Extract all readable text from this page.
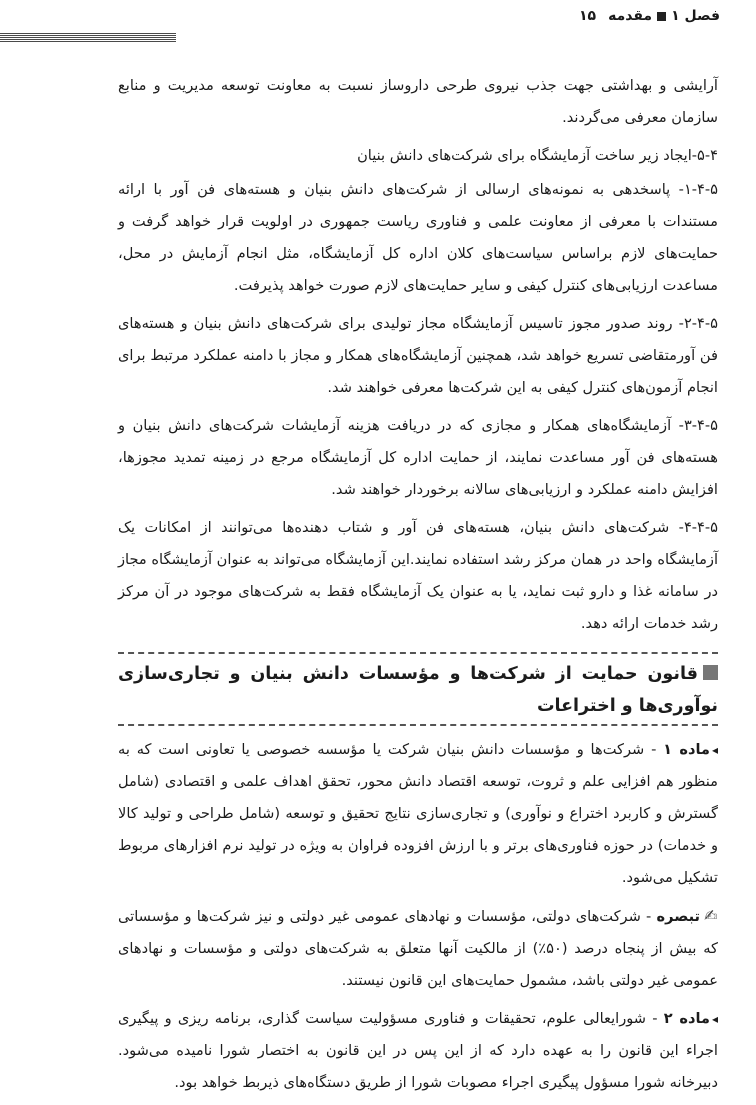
فصل ۱مقدمه۱۵

آرایشی و بهداشتی جهت جذب نیروی طرحی داروساز نسبت به معاونت توسعه مدیریت و منابع سازمان معرفی می‌گردند.

۵-۴-ایجاد زیر ساخت آزمایشگاه برای شرکت‌های دانش بنیان

۱-۴-۵- پاسخدهی به نمونه‌های ارسالی از شرکت‌های دانش بنیان و هسته‌های فن آور با ارائه مستندات با معرفی از معاونت علمی و فناوری ریاست جمهوری در اولویت قرار خواهد گرفت و حمایت‌های لازم براساس سیاست‌های کلان اداره کل آزمایشگاه، مثل انجام آزمایش در محل، مساعدت ارزیابی‌های کنترل کیفی و سایر حمایت‌های لازم صورت خواهد پذیرفت.

۲-۴-۵- روند صدور مجوز تاسیس آزمایشگاه مجاز تولیدی برای شرکت‌های دانش بنیان و هسته‌های فن آورمتقاضی تسریع خواهد شد، همچنین آزمایشگاه‌های همکار و مجاز با دامنه عملکرد مرتبط برای انجام آزمون‌های کنترل کیفی به این شرکت‌ها معرفی خواهند شد.

۳-۴-۵- آزمایشگاه‌های همکار و مجازی که در دریافت هزینه آزمایشات شرکت‌های دانش بنیان و هسته‌های فن آور مساعدت نمایند، از حمایت اداره کل آزمایشگاه مرجع در زمینه تمدید مجوزها، افزایش دامنه عملکرد و ارزیابی‌های سالانه برخوردار خواهند شد.

۴-۴-۵- شرکت‌های دانش بنیان، هسته‌های فن آور و شتاب دهنده‌ها می‌توانند از امکانات یک آزمایشگاه واحد در همان مرکز رشد استفاده نمایند.این آزمایشگاه می‌تواند به عنوان آزمایشگاه مجاز در سامانه غذا و دارو ثبت نماید، یا به عنوان یک آزمایشگاه فقط به شرکت‌های موجود در آن مرکز رشد خدمات ارائه دهد.

قانون حمایت از شرکت‌ها و مؤسسات دانش بنیان و تجاری‌سازی نوآوری‌ها و اختراعات

◂ماده ۱ - شرکت‌ها و مؤسسات دانش بنیان شرکت یا مؤسسه خصوصی یا تعاونی است که به منظور هم افزایی علم و ثروت، توسعه اقتصاد دانش محور، تحقق اهداف علمی و اقتصادی (شامل گسترش و کاربرد اختراع و نوآوری) و تجاری‌سازی نتایج تحقیق و توسعه (شامل طراحی و تولید کالا و خدمات) در حوزه فناوری‌های برتر و با ارزش افزوده فراوان به ویژه در تولید نرم افزارهای مربوط تشکیل می‌شود.

✍تبصره - شرکت‌های دولتی، مؤسسات و نهادهای عمومی غیر دولتی و نیز شرکت‌ها و مؤسساتی که بیش از پنجاه درصد (۵۰٪) از مالکیت آنها متعلق به شرکت‌های دولتی و مؤسسات و نهادهای عمومی غیر دولتی باشد، مشمول حمایت‌های این قانون نیستند.

◂ماده ۲ - شورایعالی علوم، تحقیقات و فناوری مسؤولیت سیاست گذاری، برنامه ریزی و پیگیری اجراء این قانون را به عهده دارد که از این پس در این قانون به اختصار شورا نامیده می‌شود. دبیرخانه شورا مسؤول پیگیری اجراء مصوبات شورا از طریق دستگاه‌های ذیربط خواهد بود.
